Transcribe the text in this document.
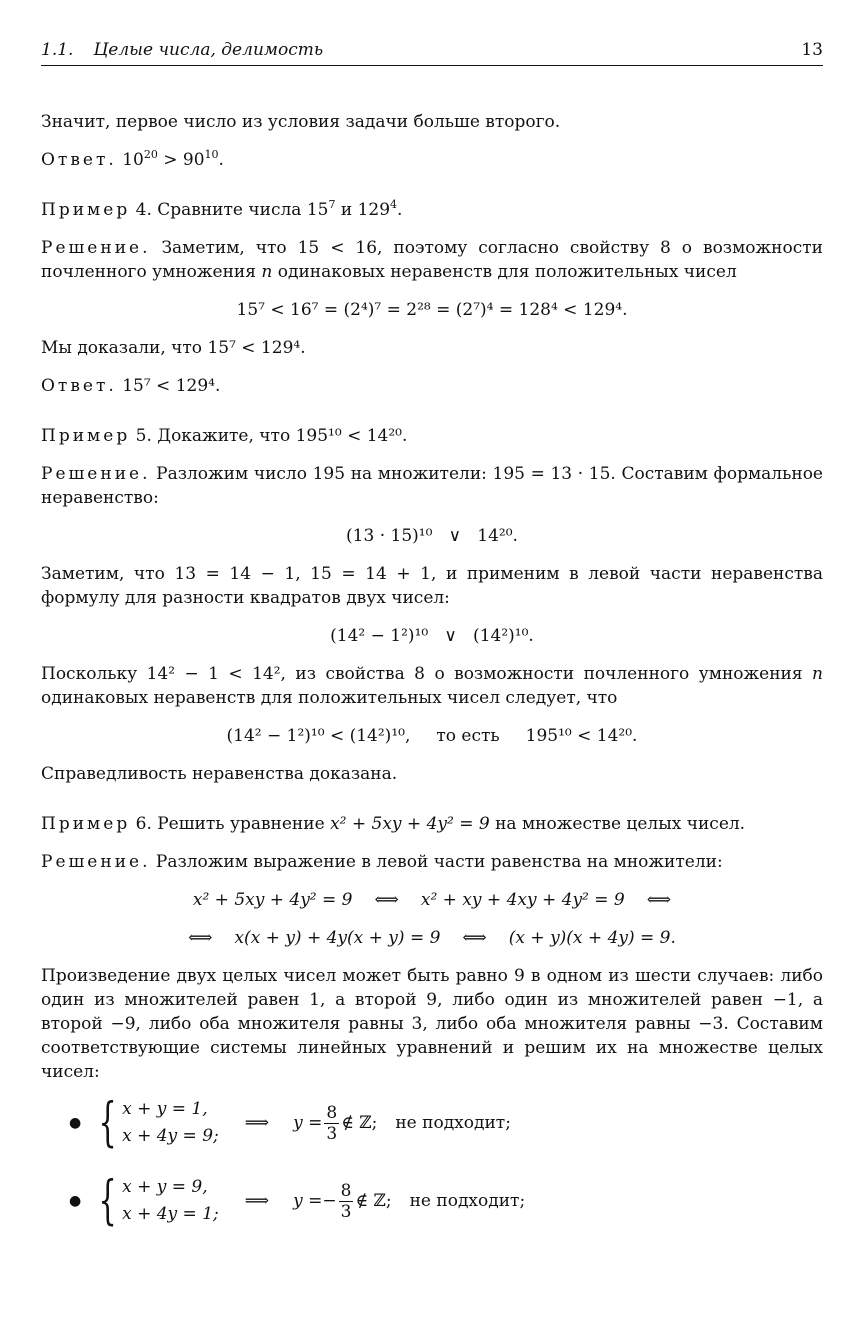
1.1. Целые числа, делимость	13

Значит, первое число из условия задачи больше второго.

Ответ. $10^{20} > 90^{10}$.

Пример 4. Сравните числа $15^7$ и $129^4$.

Решение. Заметим, что 15 < 16, поэтому согласно свойству 8 о возможности почленного умножения n одинаковых неравенств для положительных чисел

15⁷ < 16⁷ = (2⁴)⁷ = 2²⁸ = (2⁷)⁴ = 128⁴ < 129⁴.

Мы доказали, что 15⁷ < 129⁴.

Ответ. 15⁷ < 129⁴.

Пример 5. Докажите, что 195¹⁰ < 14²⁰.

Решение. Разложим число 195 на множители: 195 = 13 · 15. Составим формальное неравенство:

(13 · 15)¹⁰   ∨   14²⁰.

Заметим, что 13 = 14 − 1, 15 = 14 + 1, и применим в левой части неравенства формулу для разности квадратов двух чисел:

(14² − 1²)¹⁰   ∨   (14²)¹⁰.

Поскольку 14² − 1 < 14², из свойства 8 о возможности почленного умножения n одинаковых неравенств для положительных чисел следует, что

(14² − 1²)¹⁰ < (14²)¹⁰, то есть 195¹⁰ < 14²⁰.

Справедливость неравенства доказана.

Пример 6. Решить уравнение x² + 5xy + 4y² = 9 на множестве целых чисел.

Решение. Разложим выражение в левой части равенства на множители:

x² + 5xy + 4y² = 9 ⟺ x² + xy + 4xy + 4y² = 9 ⟺

⟺ x(x + y) + 4y(x + y) = 9 ⟺ (x + y)(x + 4y) = 9.

Произведение двух целых чисел может быть равно 9 в одном из шести случаев: либо один из множителей равен 1, а второй 9, либо один из множителей равен −1, а второй −9, либо оба множителя равны 3, либо оба множителя равны −3. Составим соответствующие системы линейных уравнений и решим их на множестве целых чисел:

● { x + y = 1,
x + 4y = 9;
⟹ $y = \frac{8}{3}$ ∉ ℤ; не подходит;
● { x + y = 9,
x + 4y = 1;
⟹ y = − $\frac{8}{3}$ ∉ ℤ; не подходит;
